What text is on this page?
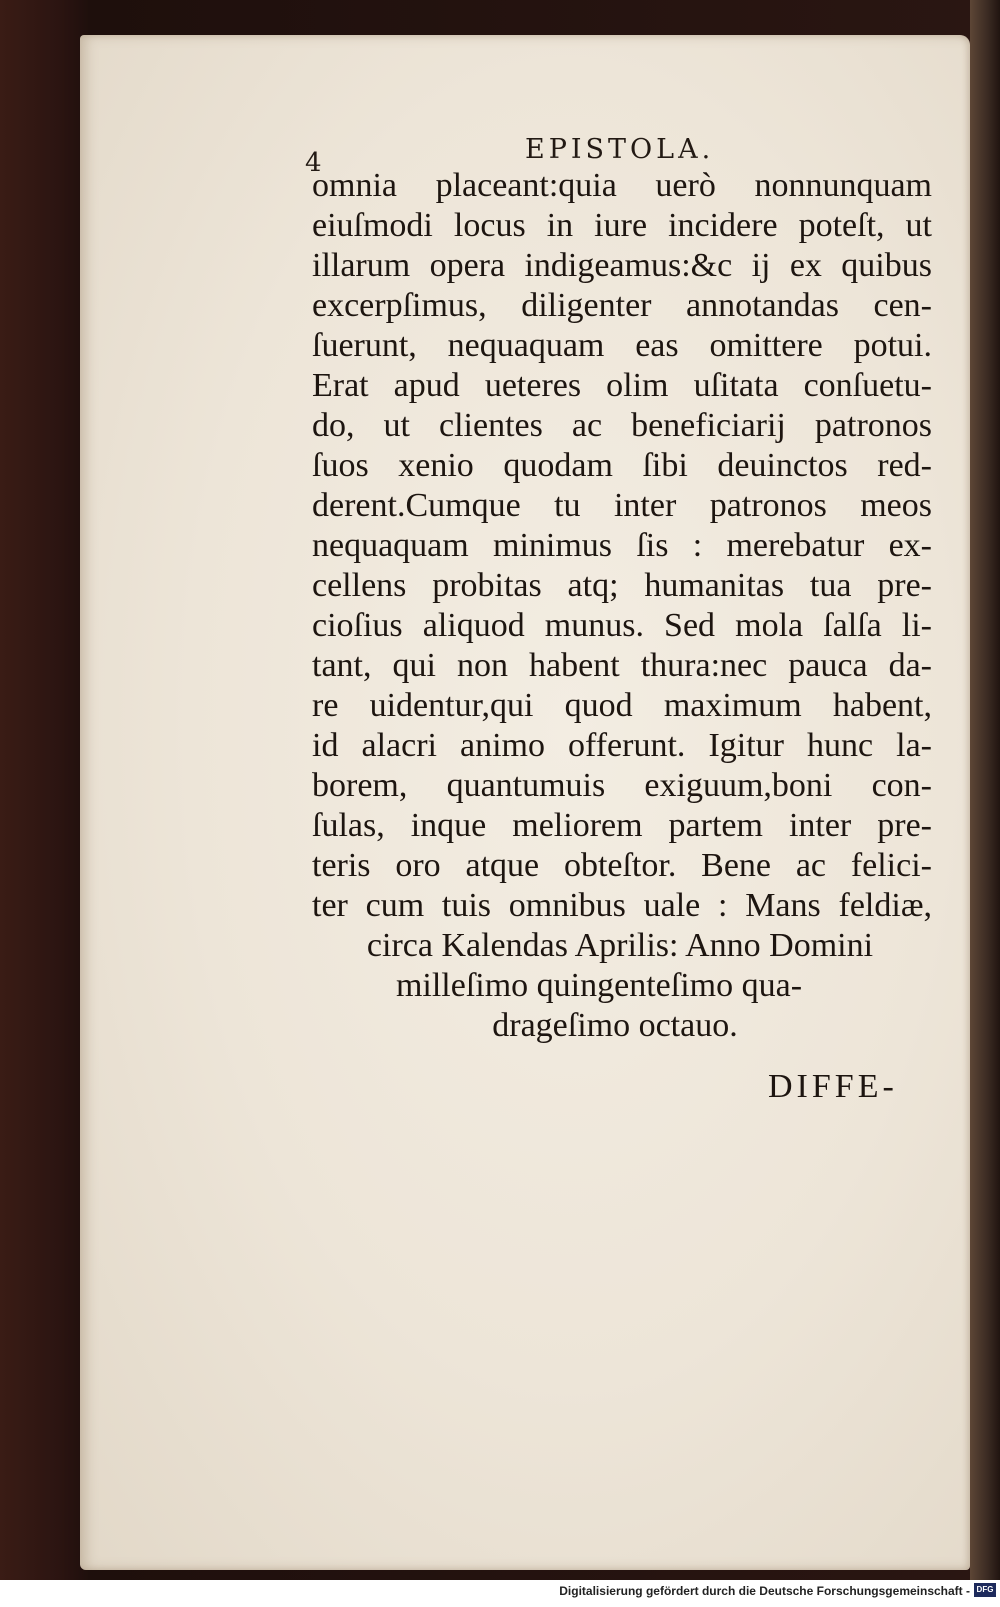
4	EPISTOLA.
omnia placeant:quia uerò nonnunquam
eiuſmodi locus in iure incidere poteſt, ut
illarum opera indigeamus:&c ij ex quibus
excerpſimus, diligenter annotandas cen-
ſuerunt, nequaquam eas omittere potui.
Erat apud ueteres olim uſitata conſuetu-
do, ut clientes ac beneficiarij patronos
ſuos xenio quodam ſibi deuinctos red-
derent.Cumque tu inter patronos meos
nequaquam minimus ſis : merebatur ex-
cellens probitas atq; humanitas tua pre-
cioſius aliquod munus. Sed mola ſalſa li-
tant, qui non habent thura:nec pauca da-
re uidentur,qui quod maximum habent,
id alacri animo offerunt. Igitur hunc la-
borem, quantumuis exiguum,boni con-
ſulas, inque meliorem partem inter pre-
teris oro atque obteſtor. Bene ac felici-
ter cum tuis omnibus uale : Mans feldiæ,
circa Kalendas Aprilis: Anno Domini
milleſimo quingenteſimo qua-
drageſimo octauo.
DIFFE-
Digitalisierung gefördert durch die Deutsche Forschungsgemeinschaft - DFG
